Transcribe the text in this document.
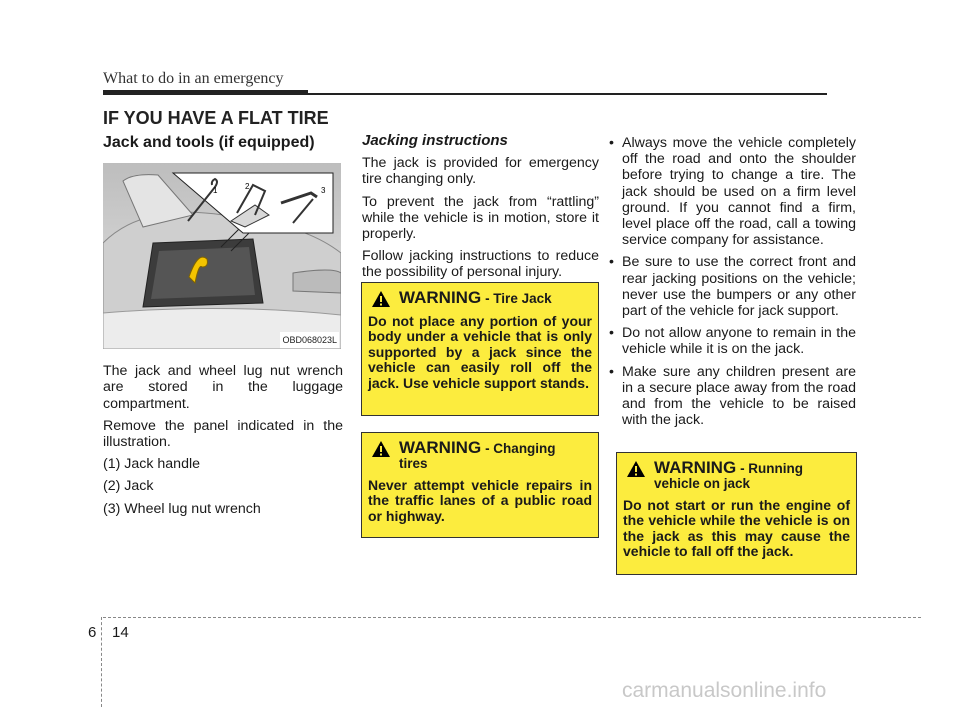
What to do in an emergency
IF YOU HAVE A FLAT TIRE

Jack and tools (if equipped)

1	2	3
OBD068023L

The jack and wheel lug nut wrench are stored in the luggage compartment.

Remove the panel indicated in the illustration.

(1) Jack handle

(2) Jack

(3) Wheel lug nut wrench

Jacking instructions

The jack is provided for emergency tire changing only.

To prevent the jack from “rattling” while the vehicle is in motion, store it properly.

Follow jacking instructions to reduce the possibility of personal injury.

WARNING - Tire Jack
Do not place any portion of your body under a vehicle that is only supported by a jack since the vehicle can easily roll off the jack. Use vehicle support stands.
WARNING - Changing tires
Never attempt vehicle repairs in the traffic lanes of a public road or highway.
• Always move the vehicle completely off the road and onto the shoulder before trying to change a tire. The jack should be used on a firm level ground. If you cannot find a firm, level place off the road, call a towing service company for assistance.
• Be sure to use the correct front and rear jacking positions on the vehicle; never use the bumpers or any other part of the vehicle for jack support.
• Do not allow anyone to remain in the vehicle while it is on the jack.
• Make sure any children present are in a secure place away from the road and from the vehicle to be raised with the jack.
WARNING - Running vehicle on jack
Do not start or run the engine of the vehicle while the vehicle is on the jack as this may cause the vehicle to fall off the jack.
6 14
carmanualsonline.info
